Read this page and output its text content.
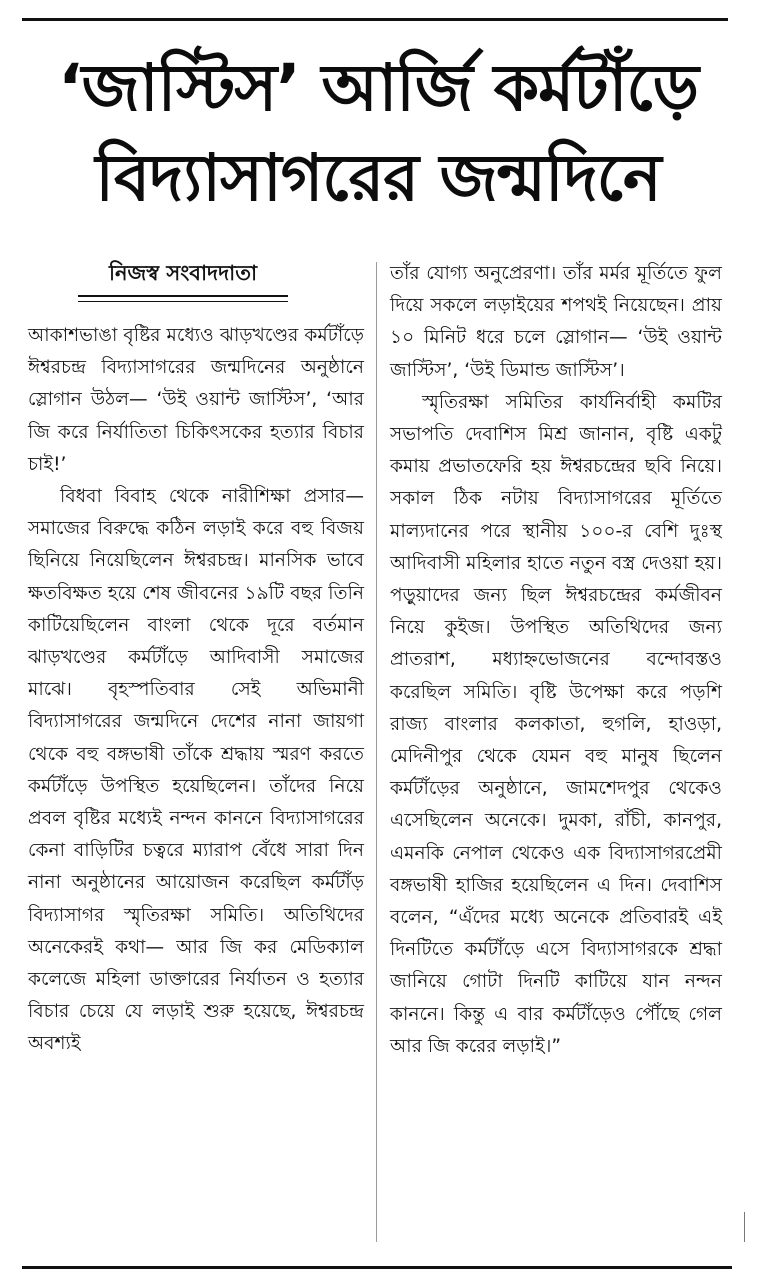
‘জাস্টিস’ আর্জি কর্মটাঁড়ে
বিদ্যাসাগরের জন্মদিনে
নিজস্ব সংবাদদাতা

আকাশভাঙা বৃষ্টির মধ্যেও ঝাড়খণ্ডের কর্মটাঁড়ে ঈশ্বরচন্দ্র বিদ্যাসাগরের জন্মদিনের অনুষ্ঠানে স্লোগান উঠল— ‘উই ওয়ান্ট জাস্টিস’, ‘আর জি করে নির্যাতিতা চিকিৎসকের হত্যার বিচার চাই!’

বিধবা বিবাহ থেকে নারীশিক্ষা প্রসার— সমাজের বিরুদ্ধে কঠিন লড়াই করে বহু বিজয় ছিনিয়ে নিয়েছিলেন ঈশ্বরচন্দ্র। মানসিক ভাবে ক্ষতবিক্ষত হয়ে শেষ জীবনের ১৯টি বছর তিনি কাটিয়েছিলেন বাংলা থেকে দূরে বর্তমান ঝাড়খণ্ডের কর্মটাঁড়ে আদিবাসী সমাজের মাঝে। বৃহস্পতিবার সেই অভিমানী বিদ্যাসাগরের জন্মদিনে দেশের নানা জায়গা থেকে বহু বঙ্গভাষী তাঁকে শ্রদ্ধায় স্মরণ করতে কর্মটাঁড়ে উপস্থিত হয়েছিলেন। তাঁদের নিয়ে প্রবল বৃষ্টির মধ্যেই নন্দন কাননে বিদ্যাসাগরের কেনা বাড়িটির চত্বরে ম্যারাপ বেঁধে সারা দিন নানা অনুষ্ঠানের আয়োজন করেছিল কর্মটাঁড় বিদ্যাসাগর স্মৃতিরক্ষা সমিতি। অতিথিদের অনেকেরই কথা— আর জি কর মেডিক্যাল কলেজে মহিলা ডাক্তারের নির্যাতন ও হত্যার বিচার চেয়ে যে লড়াই শুরু হয়েছে, ঈশ্বরচন্দ্র অবশ্যই

তাঁর যোগ্য অনুপ্রেরণা। তাঁর মর্মর মূর্তিতে ফুল দিয়ে সকলে লড়াইয়ের শপথই নিয়েছেন। প্রায় ১০ মিনিট ধরে চলে স্লোগান— ‘উই ওয়ান্ট জাস্টিস’, ‘উই ডিমান্ড জাস্টিস’।

স্মৃতিরক্ষা সমিতির কার্যনির্বাহী কমটির সভাপতি দেবাশিস মিশ্র জানান, বৃষ্টি একটু কমায় প্রভাতফেরি হয় ঈশ্বরচন্দ্রের ছবি নিয়ে। সকাল ঠিক নটায় বিদ্যাসাগরের মূর্তিতে মাল্যদানের পরে স্থানীয় ১০০-র বেশি দুঃস্থ আদিবাসী মহিলার হাতে নতুন বস্ত্র দেওয়া হয়। পড়ুয়াদের জন্য ছিল ঈশ্বরচন্দ্রের কর্মজীবন নিয়ে কুইজ। উপস্থিত অতিথিদের জন্য প্রাতরাশ, মধ্যাহ্নভোজনের বন্দোবস্তও করেছিল সমিতি। বৃষ্টি উপেক্ষা করে পড়শি রাজ্য বাংলার কলকাতা, হুগলি, হাওড়া, মেদিনীপুর থেকে যেমন বহু মানুষ ছিলেন কর্মটাঁড়ের অনুষ্ঠানে, জামশেদপুর থেকেও এসেছিলেন অনেকে। দুমকা, রাঁচী, কানপুর, এমনকি নেপাল থেকেও এক বিদ্যাসাগরপ্রেমী বঙ্গভাষী হাজির হয়েছিলেন এ দিন। দেবাশিস বলেন, “এঁদের মধ্যে অনেকে প্রতিবারই এই দিনটিতে কর্মটাঁড়ে এসে বিদ্যাসাগরকে শ্রদ্ধা জানিয়ে গোটা দিনটি কাটিয়ে যান নন্দন কাননে। কিন্তু এ বার কর্মটাঁড়েও পৌঁছে গেল আর জি করের লড়াই।”
